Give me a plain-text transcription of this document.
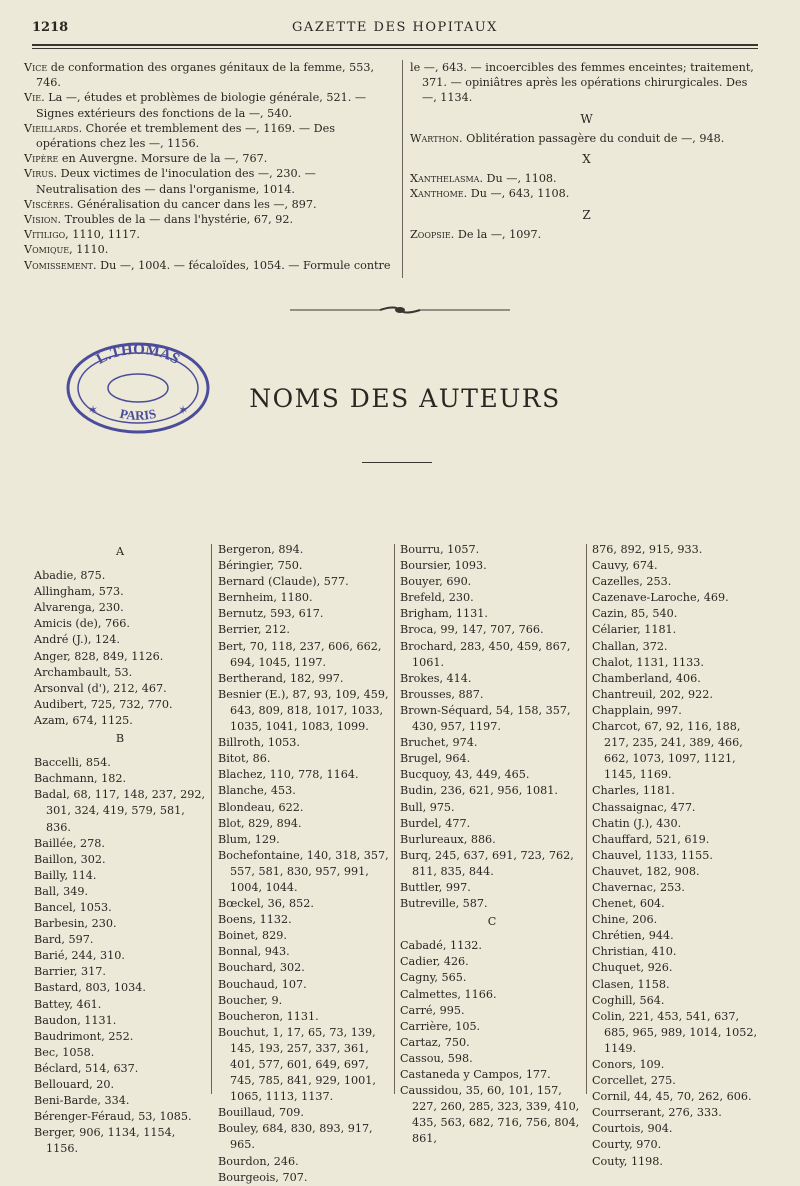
1218	GAZETTE DES HOPITAUX

Vice de conformation des organes génitaux de la femme, 553, 746.

Vie. La —, études et problèmes de biologie générale, 521. — Signes extérieurs des fonctions de la —, 540.

Vieillards. Chorée et tremblement des —, 1169. — Des opérations chez les —, 1156.

Vipère en Auvergne. Morsure de la —, 767.

Virus. Deux victimes de l'inoculation des —, 230. — Neutralisation des — dans l'organisme, 1014.

Viscères. Généralisation du cancer dans les —, 897.

Vision. Troubles de la — dans l'hystérie, 67, 92.

Vitiligo, 1110, 1117.

Vomique, 1110.

Vomissement. Du —, 1004. — fécaloïdes, 1054. — Formule contre

le —, 643. — incoercibles des femmes enceintes; traitement, 371. — opiniâtres après les opérations chirurgicales. Des —, 1134.

W

Warthon. Oblitération passagère du conduit de —, 948.

X

Xanthelasma. Du —, 1108.

Xanthome. Du —, 643, 1108.

Z

Zoopsie. De la —, 1097.

L.THOMAS
PARIS
✶	✶	NOMS DES AUTEURS
A

Abadie, 875.

Allingham, 573.

Alvarenga, 230.

Amicis (de), 766.

André (J.), 124.

Anger, 828, 849, 1126.

Archambault, 53.

Arsonval (d'), 212, 467.

Audibert, 725, 732, 770.

Azam, 674, 1125.

B

Baccelli, 854.

Bachmann, 182.

Badal, 68, 117, 148, 237, 292, 301, 324, 419, 579, 581, 836.

Baillée, 278.

Baillon, 302.

Bailly, 114.

Ball, 349.

Bancel, 1053.

Barbesin, 230.

Bard, 597.

Barié, 244, 310.

Barrier, 317.

Bastard, 803, 1034.

Battey, 461.

Baudon, 1131.

Baudrimont, 252.

Bec, 1058.

Béclard, 514, 637.

Bellouard, 20.

Beni-Barde, 334.

Bérenger-Féraud, 53, 1085.

Berger, 906, 1134, 1154, 1156.

Bergeron, 894.

Béringier, 750.

Bernard (Claude), 577.

Bernheim, 1180.

Bernutz, 593, 617.

Berrier, 212.

Bert, 70, 118, 237, 606, 662, 694, 1045, 1197.

Bertherand, 182, 997.

Besnier (E.), 87, 93, 109, 459, 643, 809, 818, 1017, 1033, 1035, 1041, 1083, 1099.

Billroth, 1053.

Bitot, 86.

Blachez, 110, 778, 1164.

Blanche, 453.

Blondeau, 622.

Blot, 829, 894.

Blum, 129.

Bochefontaine, 140, 318, 357, 557, 581, 830, 957, 991, 1004, 1044.

Bœckel, 36, 852.

Boens, 1132.

Boinet, 829.

Bonnal, 943.

Bouchard, 302.

Bouchaud, 107.

Boucher, 9.

Boucheron, 1131.

Bouchut, 1, 17, 65, 73, 139, 145, 193, 257, 337, 361, 401, 577, 601, 649, 697, 745, 785, 841, 929, 1001, 1065, 1113, 1137.

Bouillaud, 709.

Bouley, 684, 830, 893, 917, 965.

Bourdon, 246.

Bourgeois, 707.

Bourru, 1057.

Boursier, 1093.

Bouyer, 690.

Brefeld, 230.

Brigham, 1131.

Broca, 99, 147, 707, 766.

Brochard, 283, 450, 459, 867, 1061.

Brokes, 414.

Brousses, 887.

Brown-Séquard, 54, 158, 357, 430, 957, 1197.

Bruchet, 974.

Brugel, 964.

Bucquoy, 43, 449, 465.

Budin, 236, 621, 956, 1081.

Bull, 975.

Burdel, 477.

Burlureaux, 886.

Burq, 245, 637, 691, 723, 762, 811, 835, 844.

Buttler, 997.

Butreville, 587.

C

Cabadé, 1132.

Cadier, 426.

Cagny, 565.

Calmettes, 1166.

Carré, 995.

Carrière, 105.

Cartaz, 750.

Cassou, 598.

Castaneda y Campos, 177.

Caussidou, 35, 60, 101, 157, 227, 260, 285, 323, 339, 410, 435, 563, 682, 716, 756, 804, 861,

876, 892, 915, 933.

Cauvy, 674.

Cazelles, 253.

Cazenave-Laroche, 469.

Cazin, 85, 540.

Célarier, 1181.

Challan, 372.

Chalot, 1131, 1133.

Chamberland, 406.

Chantreuil, 202, 922.

Chapplain, 997.

Charcot, 67, 92, 116, 188, 217, 235, 241, 389, 466, 662, 1073, 1097, 1121, 1145, 1169.

Charles, 1181.

Chassaignac, 477.

Chatin (J.), 430.

Chauffard, 521, 619.

Chauvel, 1133, 1155.

Chauvet, 182, 908.

Chavernac, 253.

Chenet, 604.

Chine, 206.

Chrétien, 944.

Christian, 410.

Chuquet, 926.

Clasen, 1158.

Coghill, 564.

Colin, 221, 453, 541, 637, 685, 965, 989, 1014, 1052, 1149.

Conors, 109.

Corcellet, 275.

Cornil, 44, 45, 70, 262, 606.

Courrserant, 276, 333.

Courtois, 904.

Courty, 970.

Couty, 1198.
